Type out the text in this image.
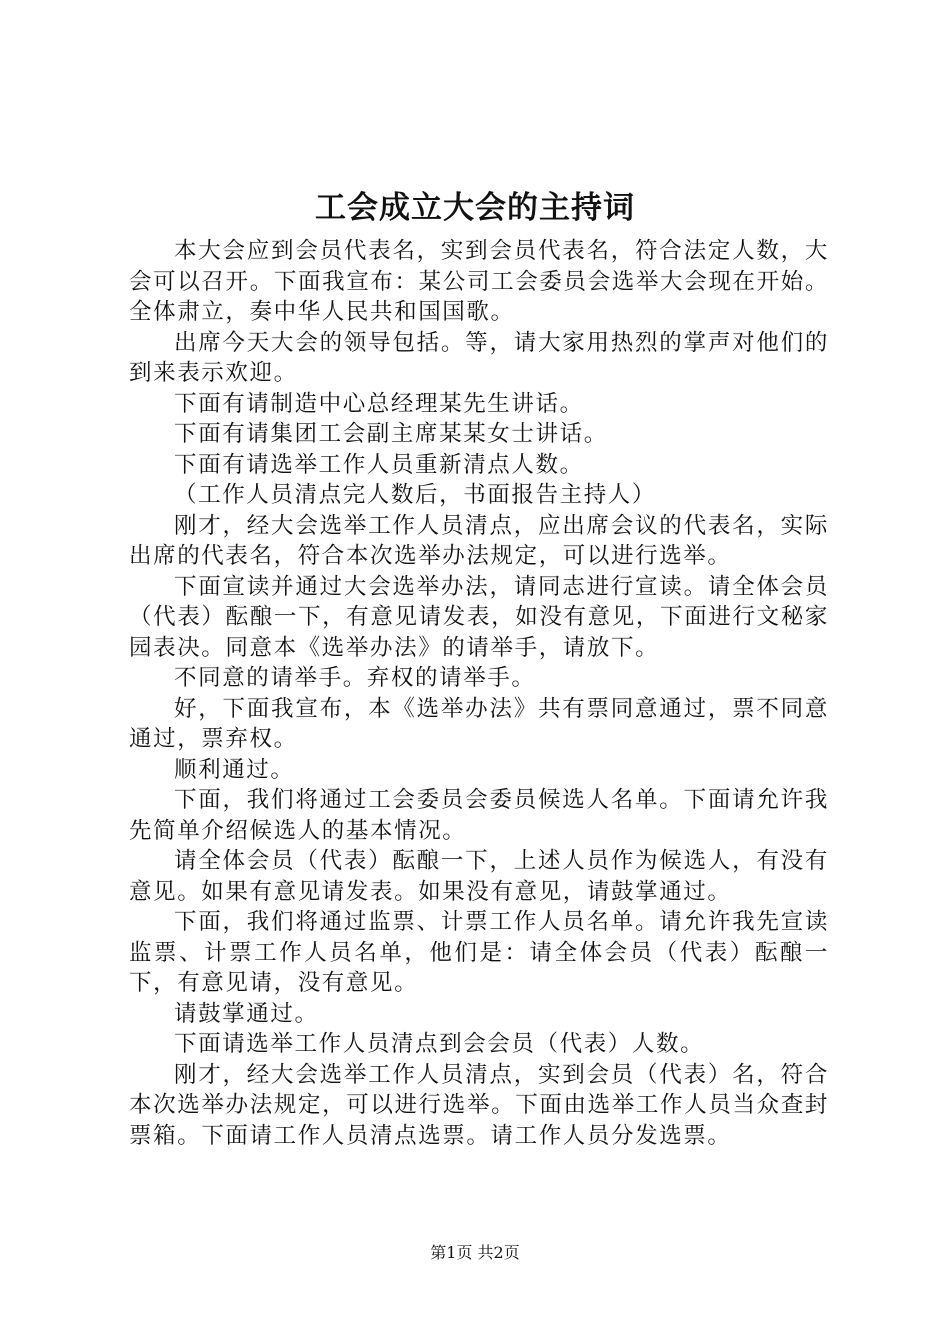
工会成立大会的主持词

本大会应到会员代表名，实到会员代表名，符合法定人数，大会可以召开。下面我宣布：某公司工会委员会选举大会现在开始。全体肃立，奏中华人民共和国国歌。

出席今天大会的领导包括。等，请大家用热烈的掌声对他们的到来表示欢迎。

下面有请制造中心总经理某先生讲话。

下面有请集团工会副主席某某女士讲话。

下面有请选举工作人员重新清点人数。

（工作人员清点完人数后，书面报告主持人）

刚才，经大会选举工作人员清点，应出席会议的代表名，实际出席的代表名，符合本次选举办法规定，可以进行选举。

下面宣读并通过大会选举办法，请同志进行宣读。请全体会员（代表）酝酿一下，有意见请发表，如没有意见，下面进行文秘家园表决。同意本《选举办法》的请举手，请放下。

不同意的请举手。弃权的请举手。

好，下面我宣布，本《选举办法》共有票同意通过，票不同意通过，票弃权。

顺利通过。

下面，我们将通过工会委员会委员候选人名单。下面请允许我先简单介绍候选人的基本情况。

请全体会员（代表）酝酿一下，上述人员作为候选人，有没有意见。如果有意见请发表。如果没有意见，请鼓掌通过。

下面，我们将通过监票、计票工作人员名单。请允许我先宣读监票、计票工作人员名单，他们是：请全体会员（代表）酝酿一下，有意见请，没有意见。

请鼓掌通过。

下面请选举工作人员清点到会会员（代表）人数。

刚才，经大会选举工作人员清点，实到会员（代表）名，符合本次选举办法规定，可以进行选举。下面由选举工作人员当众查封票箱。下面请工作人员清点选票。请工作人员分发选票。

第1页 共2页
